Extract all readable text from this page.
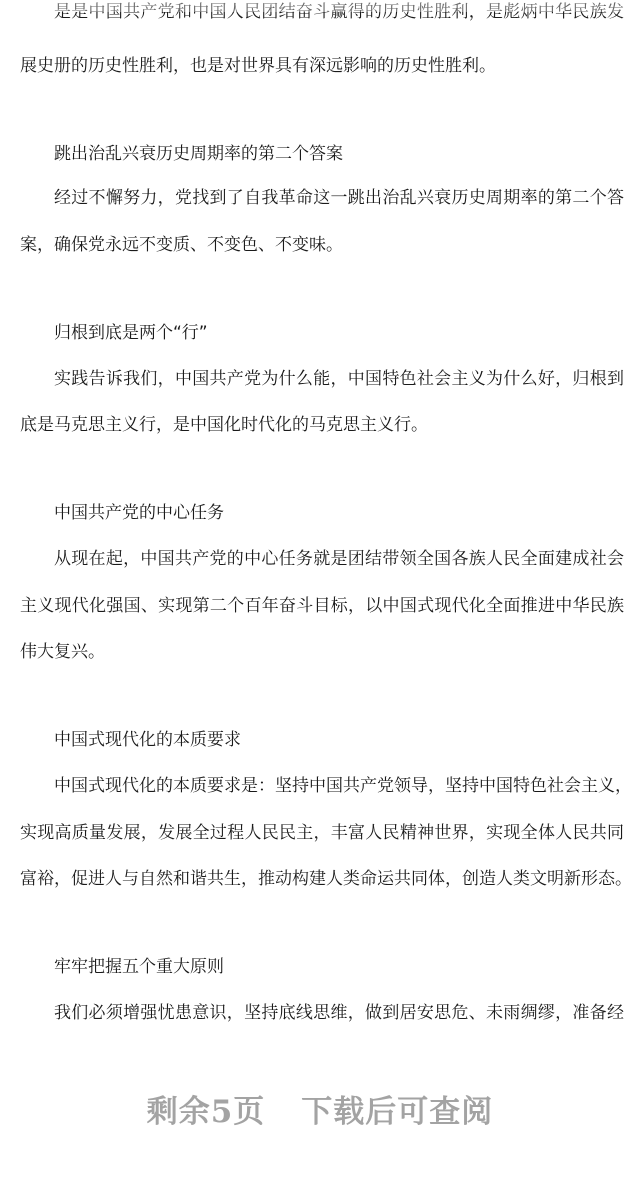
是是中国共产党和中国人民团结奋斗赢得的历史性胜利，是彪炳中华民族发
展史册的历史性胜利，也是对世界具有深远影响的历史性胜利。
跳出治乱兴衰历史周期率的第二个答案
经过不懈努力，党找到了自我革命这一跳出治乱兴衰历史周期率的第二个答
案，确保党永远不变质、不变色、不变味。
归根到底是两个“行”
实践告诉我们，中国共产党为什么能，中国特色社会主义为什么好，归根到
底是马克思主义行，是中国化时代化的马克思主义行。
中国共产党的中心任务
从现在起，中国共产党的中心任务就是团结带领全国各族人民全面建成社会
主义现代化强国、实现第二个百年奋斗目标，以中国式现代化全面推进中华民族
伟大复兴。
中国式现代化的本质要求
中国式现代化的本质要求是：坚持中国共产党领导，坚持中国特色社会主义，
实现高质量发展，发展全过程人民民主，丰富人民精神世界，实现全体人民共同
富裕，促进人与自然和谐共生，推动构建人类命运共同体，创造人类文明新形态。
牢牢把握五个重大原则
我们必须增强忧患意识，坚持底线思维，做到居安思危、未雨绸缪，准备经
剩余5页 下载后可查阅
